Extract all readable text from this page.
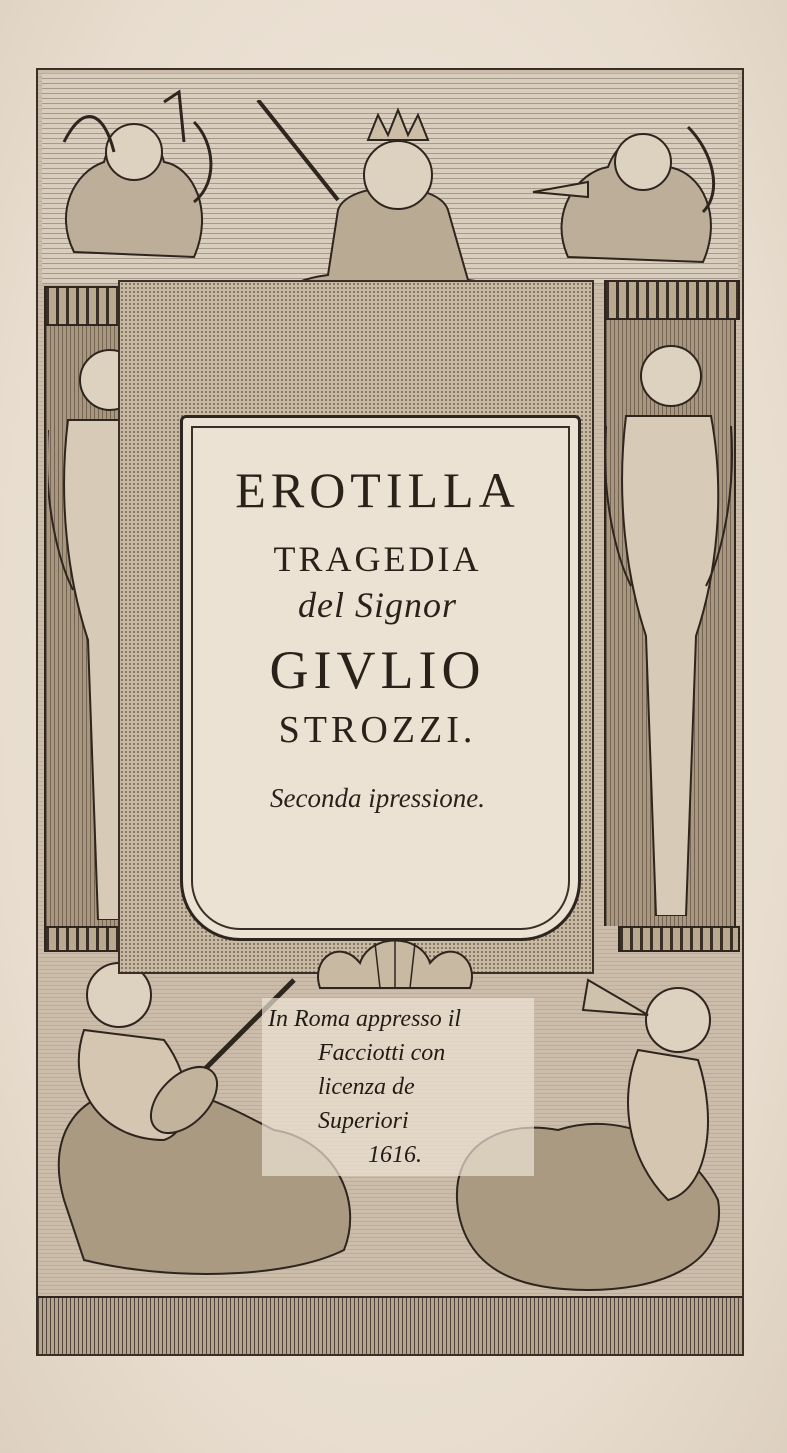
EROTILLA
TRAGEDIA
del Signor
GIVLIO
STROZZI.
Seconda ipressione.
In Roma appresso il
Facciotti con
licenza de
Superiori
1616.
